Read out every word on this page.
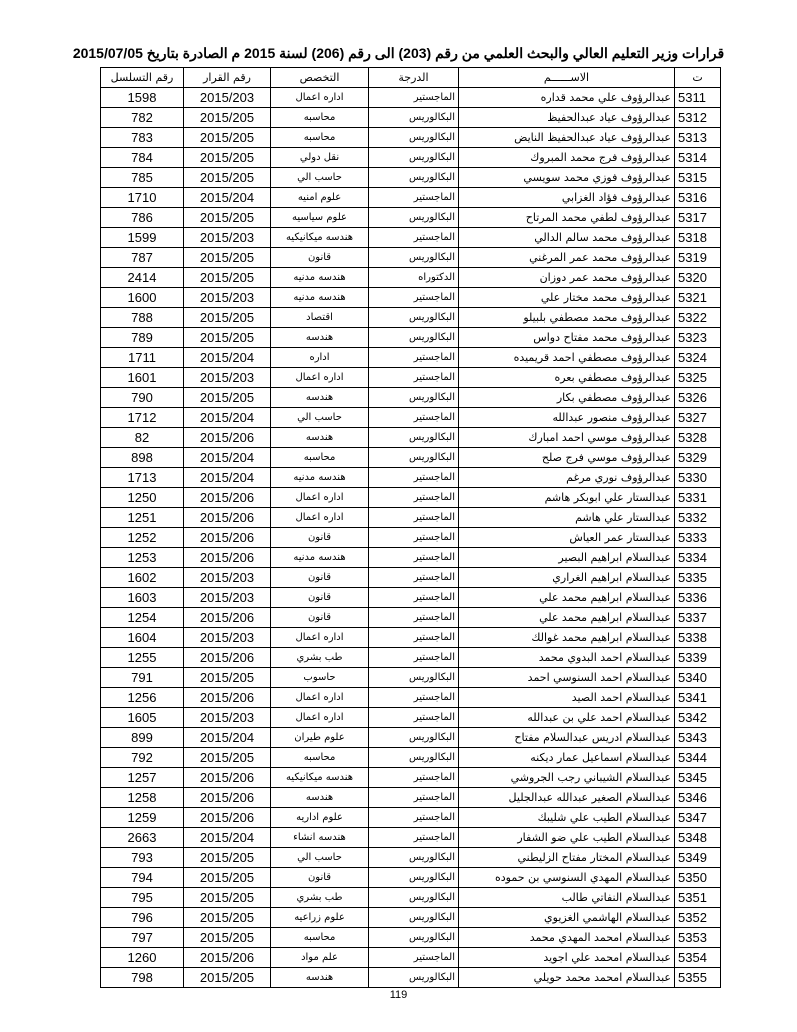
قرارات وزير التعليم العالي والبحث العلمي من رقم (203) الى رقم (206) لسنة 2015 م الصادرة بتاريخ 2015/07/05
ت	الاســــــم	الدرجة	التخصص	رقم القرار	رقم التسلسل
5311	عبدالرؤوف علي محمد قداره	الماجستير	اداره اعمال	2015/203	1598
5312	عبدالرؤوف عياد عبدالحفيظ	البكالوريس	محاسبه	2015/205	782
5313	عبدالرؤوف عياد عبدالحفيظ النايض	البكالوريس	محاسبه	2015/205	783
5314	عبدالرؤوف فرج محمد المبروك	البكالوريس	نقل دولي	2015/205	784
5315	عبدالرؤوف فوزي محمد سويسي	البكالوريس	حاسب الي	2015/205	785
5316	عبدالرؤوف فؤاد الغزابي	الماجستير	علوم امنيه	2015/204	1710
5317	عبدالرؤوف لطفي محمد المرتاح	البكالوريس	علوم سياسيه	2015/205	786
5318	عبدالرؤوف محمد سالم الدالي	الماجستير	هندسه ميكانيكيه	2015/203	1599
5319	عبدالرؤوف محمد عمر المرغني	البكالوريس	قانون	2015/205	787
5320	عبدالرؤوف محمد عمر دوزان	الدكتوراه	هندسه مدنيه	2015/205	2414
5321	عبدالرؤوف محمد مختار علي	الماجستير	هندسه مدنيه	2015/203	1600
5322	عبدالرؤوف محمد مصطفي بلبيلو	البكالوريس	اقتصاد	2015/205	788
5323	عبدالرؤوف محمد مفتاح دواس	البكالوريس	هندسه	2015/205	789
5324	عبدالرؤوف مصطفي احمد قريميده	الماجستير	اداره	2015/204	1711
5325	عبدالرؤوف مصطفي بعره	الماجستير	اداره اعمال	2015/203	1601
5326	عبدالرؤوف مصطفي بكار	البكالوريس	هندسه	2015/205	790
5327	عبدالرؤوف منصور عبدالله	الماجستير	حاسب الي	2015/204	1712
5328	عبدالرؤوف موسي احمد امبارك	البكالوريس	هندسه	2015/206	82
5329	عبدالرؤوف موسي فرج صلح	البكالوريس	محاسبه	2015/204	898
5330	عبدالرؤوف نوري مرغم	الماجستير	هندسه مدنيه	2015/204	1713
5331	عبدالستار علي ابوبكر هاشم	الماجستير	اداره اعمال	2015/206	1250
5332	عبدالستار علي هاشم	الماجستير	اداره اعمال	2015/206	1251
5333	عبدالستار عمر العياش	الماجستير	قانون	2015/206	1252
5334	عبدالسلام ابراهيم البصير	الماجستير	هندسه مدنيه	2015/206	1253
5335	عبدالسلام ابراهيم الغراري	الماجستير	قانون	2015/203	1602
5336	عبدالسلام ابراهيم محمد علي	الماجستير	قانون	2015/203	1603
5337	عبدالسلام ابراهيم محمد علي	الماجستير	قانون	2015/206	1254
5338	عبدالسلام ابراهيم محمد غوالك	الماجستير	اداره اعمال	2015/203	1604
5339	عبدالسلام احمد البدوي محمد	الماجستير	طب بشري	2015/206	1255
5340	عبدالسلام احمد السنوسي احمد	البكالوريس	حاسوب	2015/205	791
5341	عبدالسلام احمد الصيد	الماجستير	اداره اعمال	2015/206	1256
5342	عبدالسلام احمد علي بن عبدالله	الماجستير	اداره اعمال	2015/203	1605
5343	عبدالسلام ادريس عبدالسلام مفتاح	البكالوريس	علوم طيران	2015/204	899
5344	عبدالسلام اسماعيل عمار ديكنه	البكالوريس	محاسبه	2015/205	792
5345	عبدالسلام الشيباني رجب الجروشي	الماجستير	هندسه ميكانيكيه	2015/206	1257
5346	عبدالسلام الصغير عبدالله عبدالجليل	الماجستير	هندسه	2015/206	1258
5347	عبدالسلام الطيب علي شليبك	الماجستير	علوم اداريه	2015/206	1259
5348	عبدالسلام الطيب علي ضو الشفار	الماجستير	هندسه انشاء	2015/204	2663
5349	عبدالسلام المختار مفتاح الزليطني	البكالوريس	حاسب الي	2015/205	793
5350	عبدالسلام المهدي السنوسي بن حموده	البكالوريس	قانون	2015/205	794
5351	عبدالسلام النفاتي طالب	البكالوريس	طب بشري	2015/205	795
5352	عبدالسلام الهاشمي الغزيوي	البكالوريس	علوم زراعيه	2015/205	796
5353	عبدالسلام امحمد المهدي محمد	البكالوريس	محاسبه	2015/205	797
5354	عبدالسلام امحمد علي اجويد	الماجستير	علم مواد	2015/206	1260
5355	عبدالسلام امحمد محمد حويلي	البكالوريس	هندسه	2015/205	798
119
